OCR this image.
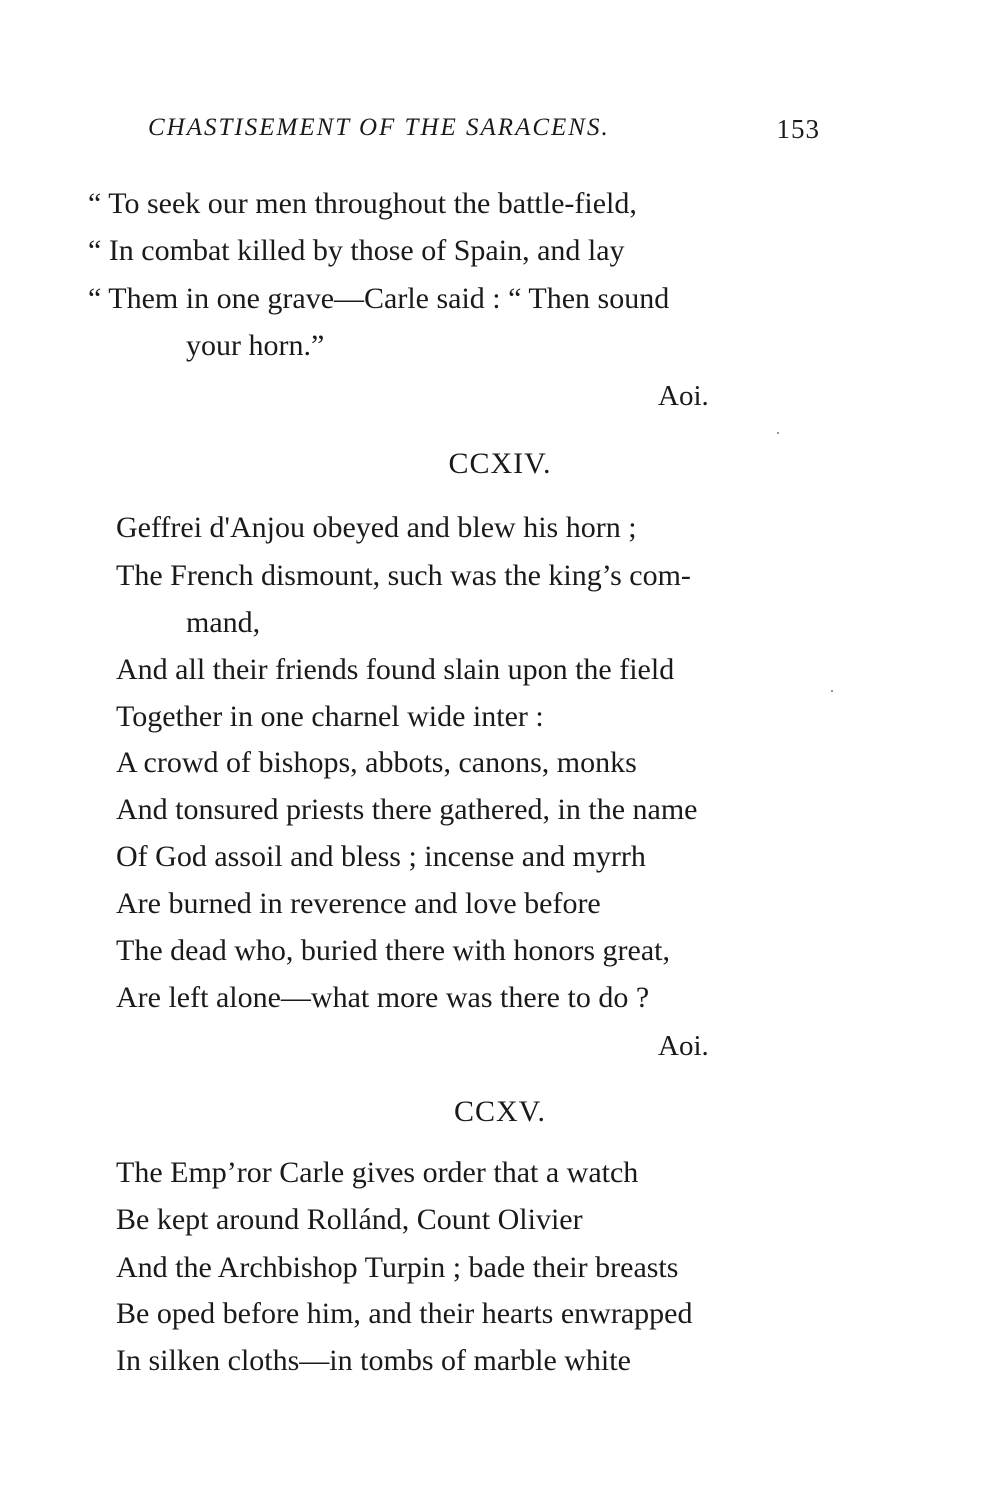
CHASTISEMENT OF THE SARACENS.	153
“ To seek our men throughout the battle-field,
“ In combat killed by those of Spain, and lay
“ Them in one grave—Carle said : “ Then sound
your horn.”
Aoi.
CCXIV.
Geffrei d'Anjou obeyed and blew his horn ;
The French dismount, such was the king’s com-
mand,
And all their friends found slain upon the field
Together in one charnel wide inter :
A crowd of bishops, abbots, canons, monks
And tonsured priests there gathered, in the name
Of God assoil and bless ; incense and myrrh
Are burned in reverence and love before
The dead who, buried there with honors great,
Are left alone—what more was there to do ?
Aoi.
CCXV.
The Emp’ror Carle gives order that a watch
Be kept around Rollánd, Count Olivier
And the Archbishop Turpin ; bade their breasts
Be oped before him, and their hearts enwrapped
In silken cloths—in tombs of marble white
